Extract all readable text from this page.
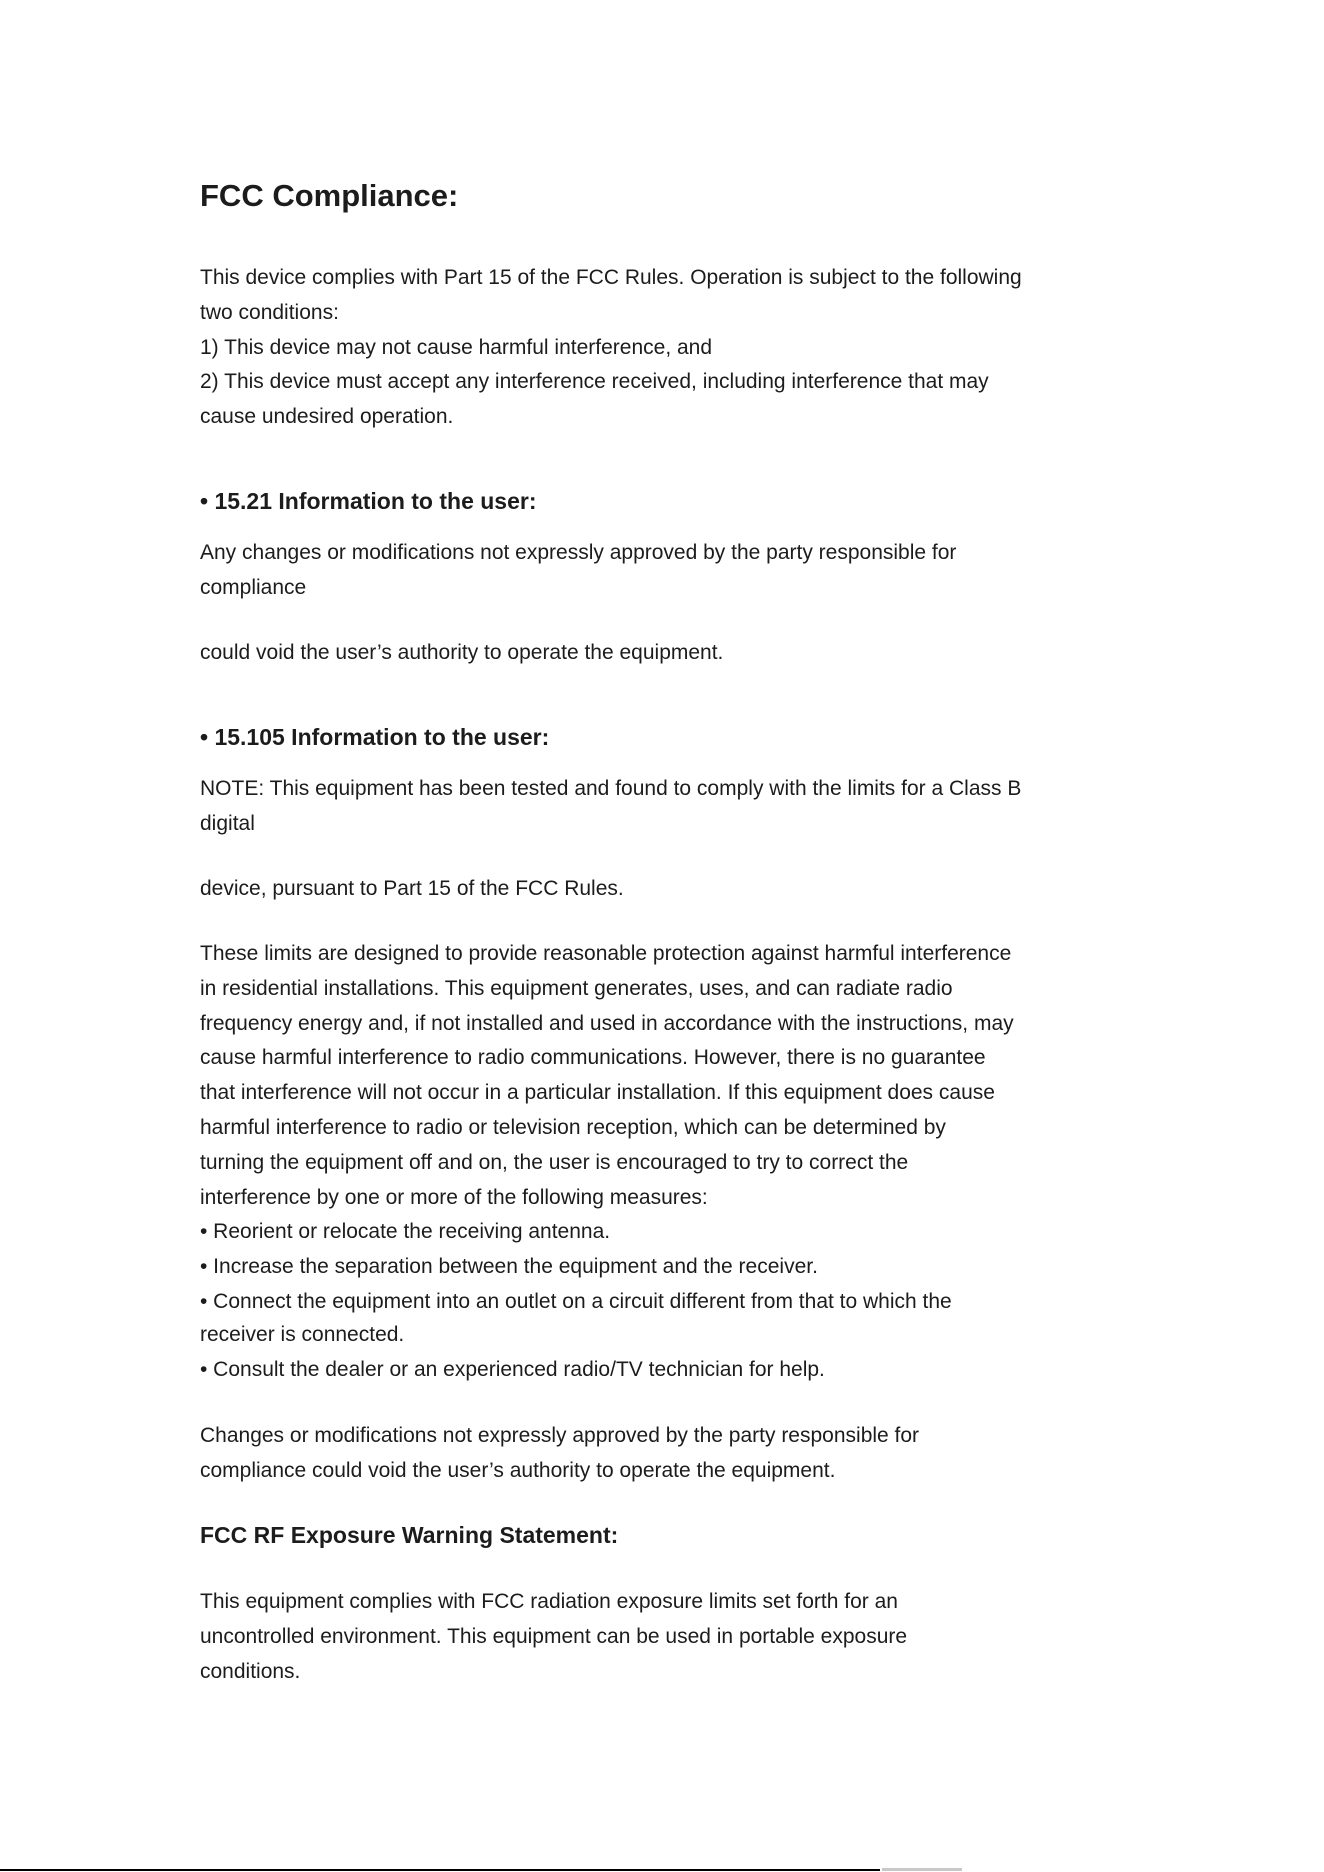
FCC Compliance:
This device complies with Part 15 of the FCC Rules. Operation is subject to the following
two conditions:
1) This device may not cause harmful interference, and
2) This device must accept any interference received, including interference that may
cause undesired operation.
• 15.21 Information to the user:
Any changes or modifications not expressly approved by the party responsible for
compliance
could void the user’s authority to operate the equipment.
• 15.105 Information to the user:
NOTE: This equipment has been tested and found to comply with the limits for a Class B
digital
device, pursuant to Part 15 of the FCC Rules.
These limits are designed to provide reasonable protection against harmful interference
in residential installations. This equipment generates, uses, and can radiate radio
frequency energy and, if not installed and used in accordance with the instructions, may
cause harmful interference to radio communications. However, there is no guarantee
that interference will not occur in a particular installation. If this equipment does cause
harmful interference to radio or television reception, which can be determined by
turning the equipment off and on, the user is encouraged to try to correct the
interference by one or more of the following measures:
• Reorient or relocate the receiving antenna.
• Increase the separation between the equipment and the receiver.
• Connect the equipment into an outlet on a circuit different from that to which the
receiver is connected.
• Consult the dealer or an experienced radio/TV technician for help.
Changes or modifications not expressly approved by the party responsible for
compliance could void the user’s authority to operate the equipment.
FCC RF Exposure Warning Statement:
This equipment complies with FCC radiation exposure limits set forth for an
uncontrolled environment. This equipment can be used in portable exposure
conditions.
